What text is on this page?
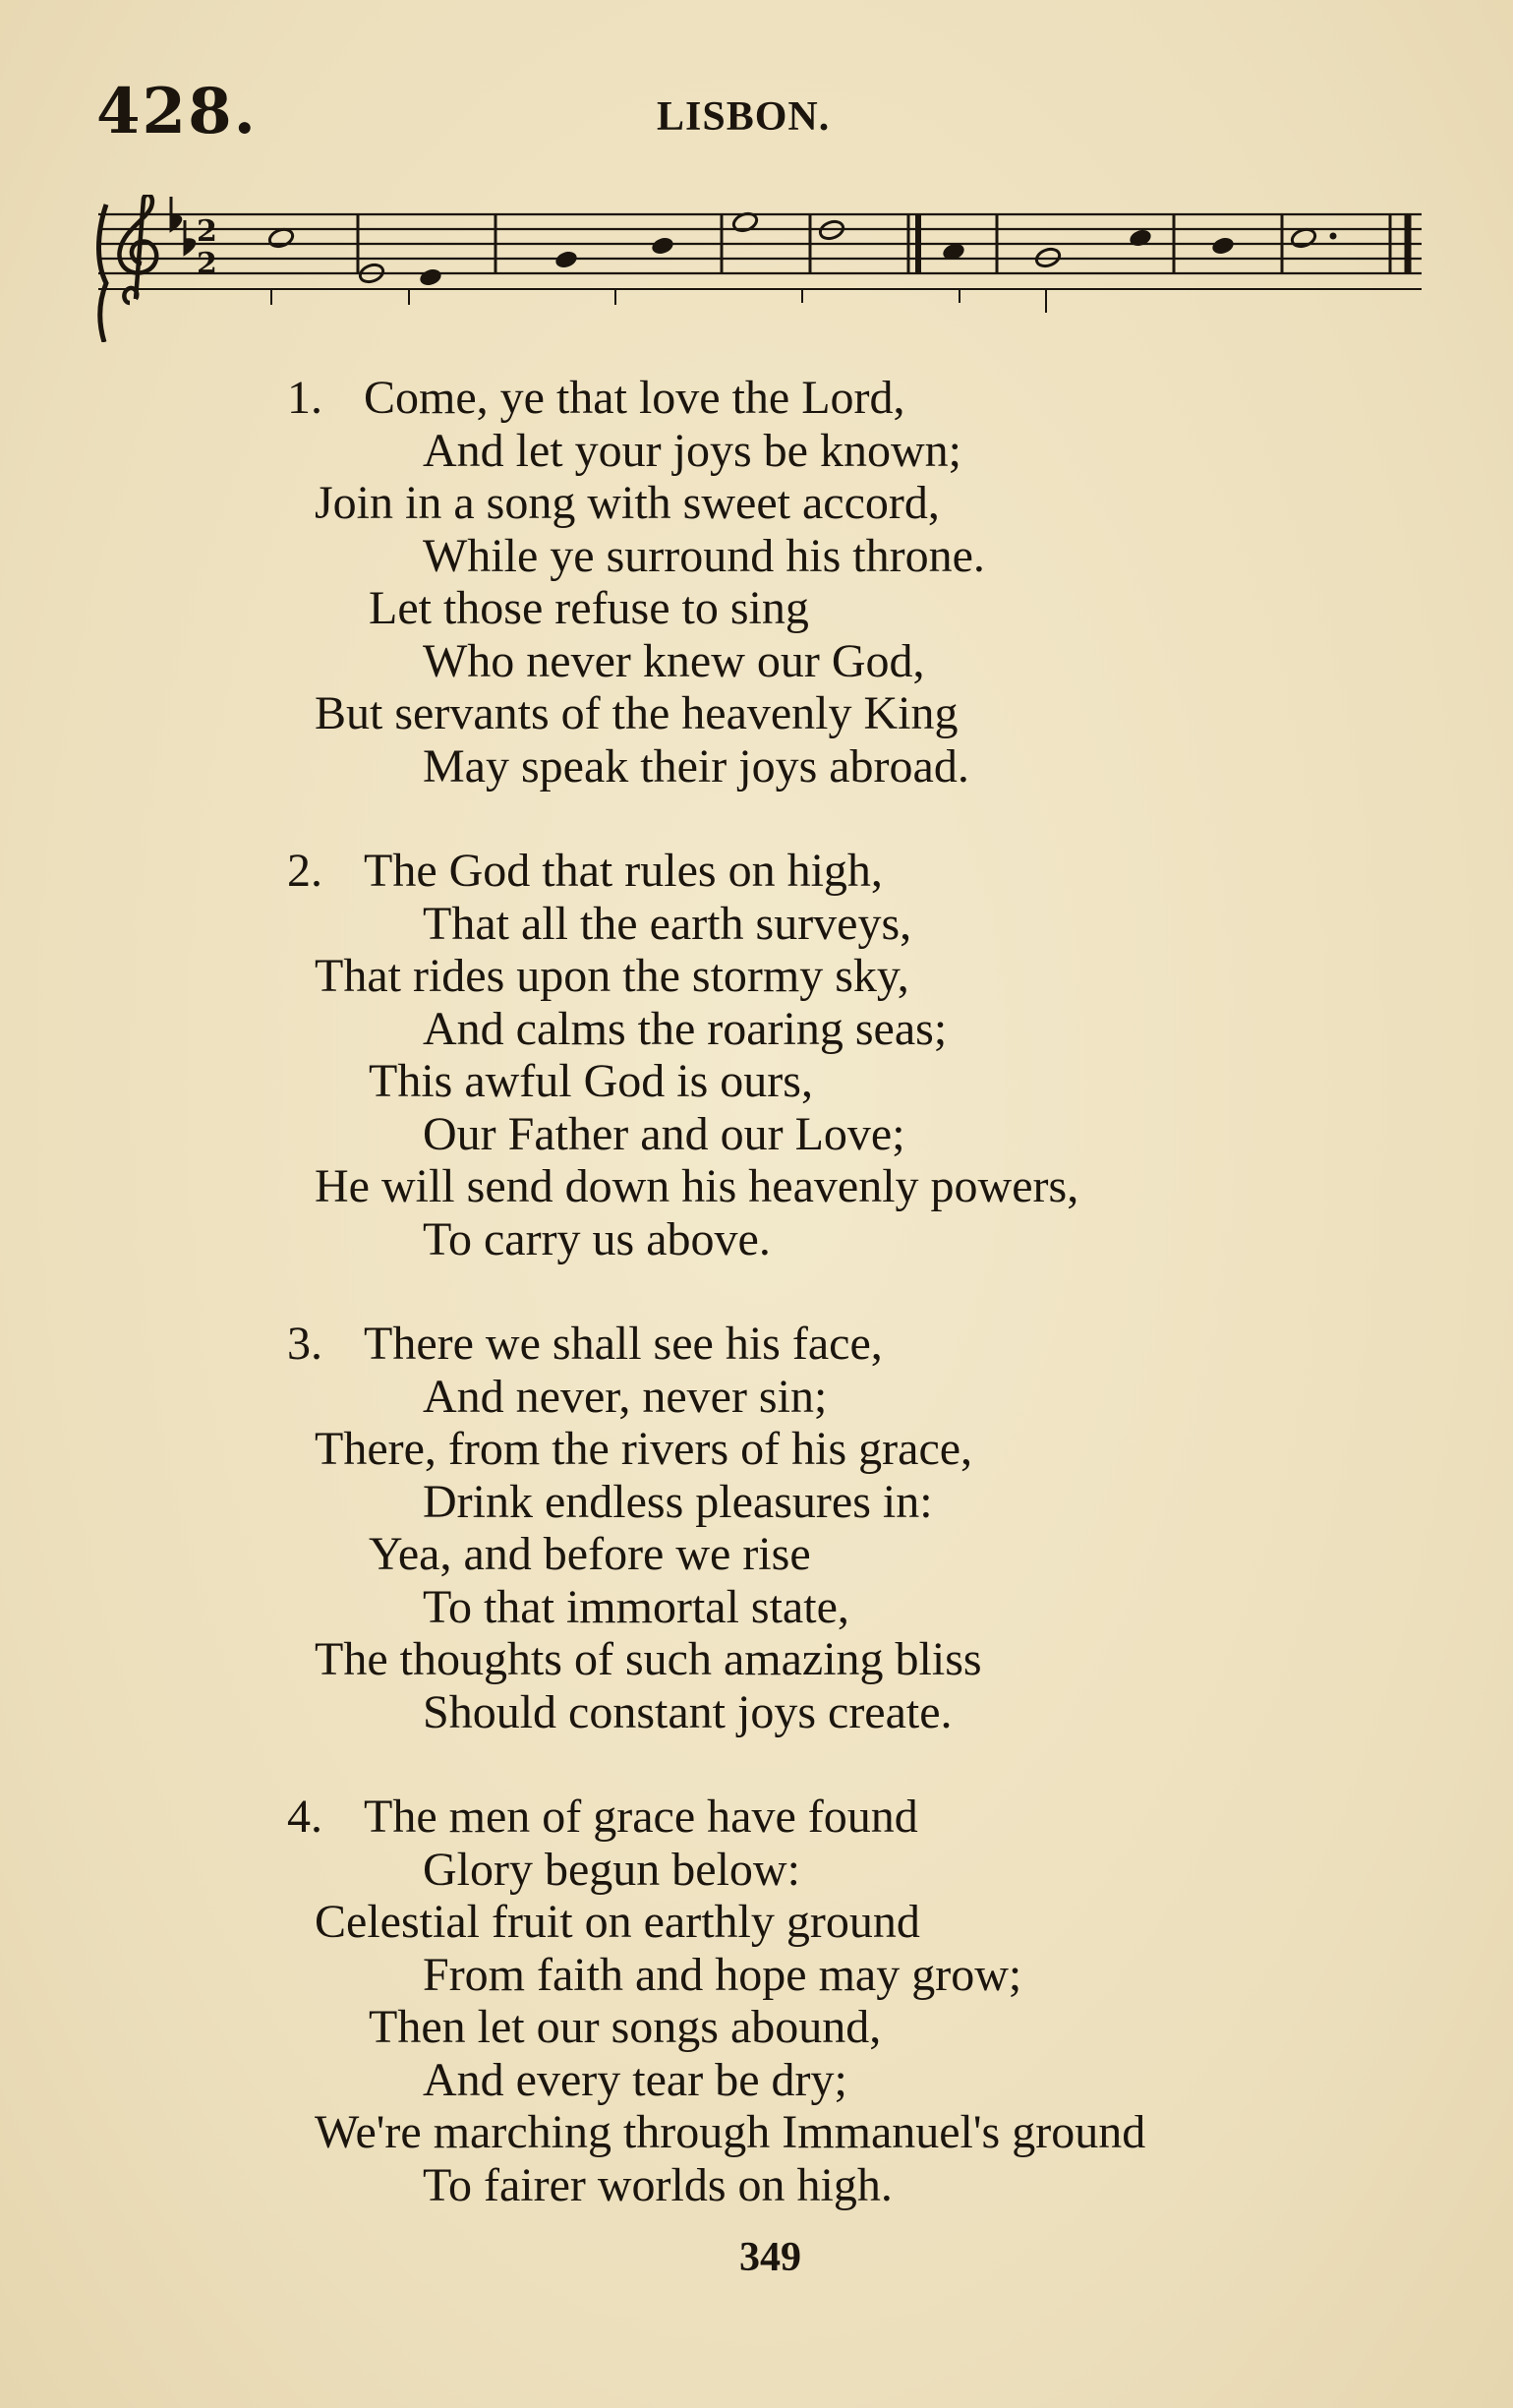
428.	LISBON.
2
2
1. Come, ye that love the Lord,
And let your joys be known;
Join in a song with sweet accord,
While ye surround his throne.
Let those refuse to sing
Who never knew our God,
But servants of the heavenly King
May speak their joys abroad.
2. The God that rules on high,
That all the earth surveys,
That rides upon the stormy sky,
And calms the roaring seas;
This awful God is ours,
Our Father and our Love;
He will send down his heavenly powers,
To carry us above.
3. There we shall see his face,
And never, never sin;
There, from the rivers of his grace,
Drink endless pleasures in:
Yea, and before we rise
To that immortal state,
The thoughts of such amazing bliss
Should constant joys create.
4. The men of grace have found
Glory begun below:
Celestial fruit on earthly ground
From faith and hope may grow;
Then let our songs abound,
And every tear be dry;
We're marching through Immanuel's ground
To fairer worlds on high.
349
